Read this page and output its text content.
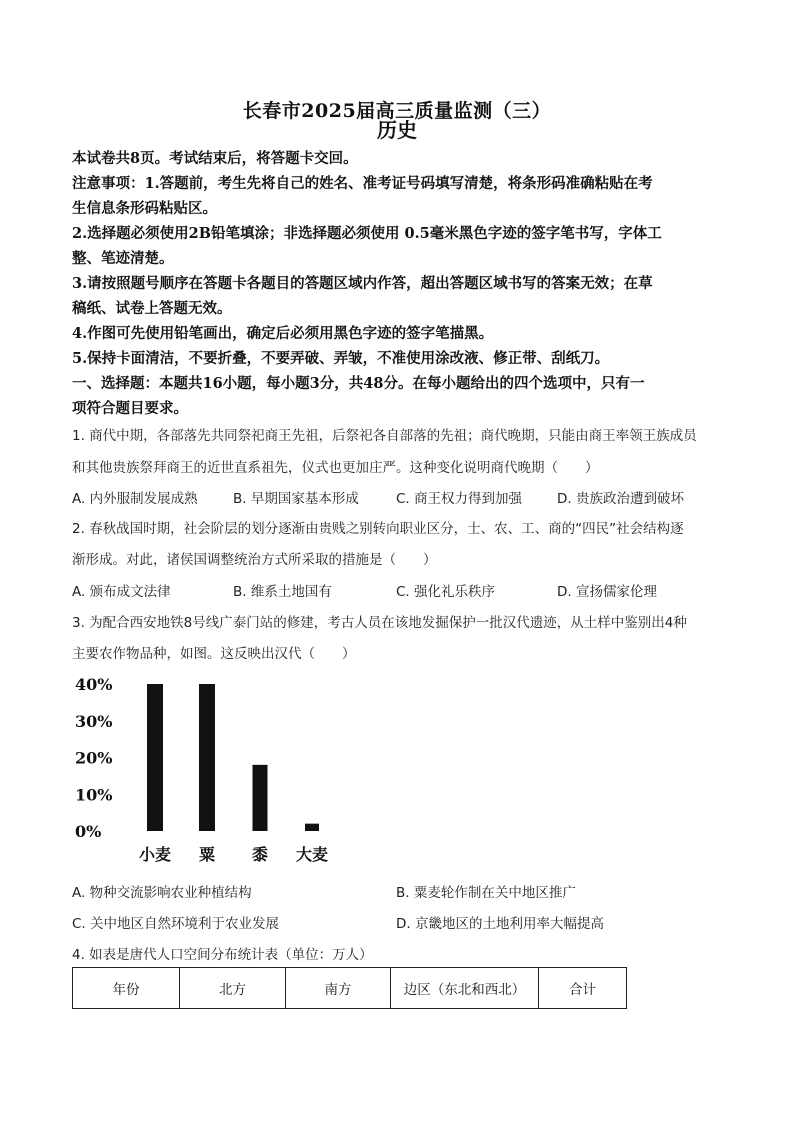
长春市2025届高三质量监测（三）
历史
本试卷共8页。考试结束后，将答题卡交回。
注意事项：1.答题前，考生先将自己的姓名、准考证号码填写清楚，将条形码准确粘贴在考
生信息条形码粘贴区。
2.选择题必须使用2B铅笔填涂；非选择题必须使用 0.5毫米黑色字迹的签字笔书写，字体工
整、笔迹清楚。
3.请按照题号顺序在答题卡各题目的答题区域内作答，超出答题区域书写的答案无效；在草
稿纸、试卷上答题无效。
4.作图可先使用铅笔画出，确定后必须用黑色字迹的签字笔描黑。
5.保持卡面清洁，不要折叠，不要弄破、弄皱，不准使用涂改液、修正带、刮纸刀。
一、选择题：本题共16小题，每小题3分，共48分。在每小题给出的四个选项中，只有一
项符合题目要求。
1. 商代中期，各部落先共同祭祀商王先祖，后祭祀各自部落的先祖；商代晚期，只能由商王率领王族成员
和其他贵族祭拜商王的近世直系祖先，仪式也更加庄严。这种变化说明商代晚期（　　）
A. 内外服制发展成熟	B. 早期国家基本形成	C. 商王权力得到加强	D. 贵族政治遭到破坏
2. 春秋战国时期，社会阶层的划分逐渐由贵贱之别转向职业区分，士、农、工、商的“四民”社会结构逐
渐形成。对此，诸侯国调整统治方式所采取的措施是（　　）
A. 颁布成文法律	B. 维系土地国有	C. 强化礼乐秩序	D. 宣扬儒家伦理
3. 为配合西安地铁8号线广泰门站的修建，考古人员在该地发掘保护一批汉代遗迹，从土样中鉴别出4种
主要农作物品种，如图。这反映出汉代（　　）
40%
30%
20%
10%
0%
小麦 粟 黍 大麦
A. 物种交流影响农业种植结构	B. 粟麦轮作制在关中地区推广
C. 关中地区自然环境利于农业发展	D. 京畿地区的土地利用率大幅提高
4. 如表是唐代人口空间分布统计表（单位：万人）
年份	北方	南方	边区（东北和西北）	合计
